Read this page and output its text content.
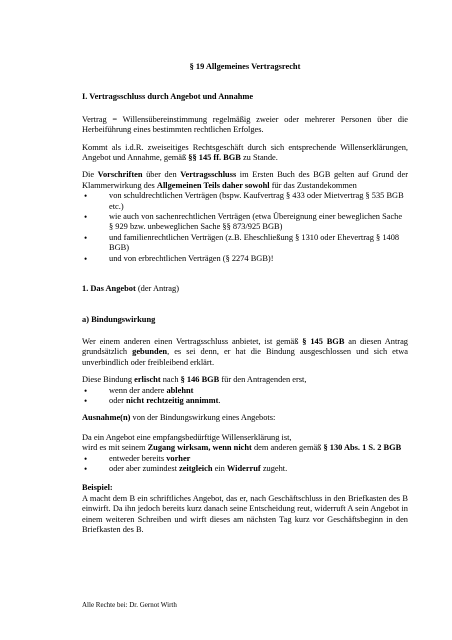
§ 19 Allgemeines Vertragsrecht

I. Vertragsschluss durch Angebot und Annahme

Vertrag = Willensübereinstimmung regelmäßig zweier oder mehrerer Personen über die Herbeiführung eines bestimmten rechtlichen Erfolges.

Kommt als i.d.R. zweiseitiges Rechtsgeschäft durch sich entsprechende Willenserklärungen, Angebot und Annahme, gemäß §§ 145 ff. BGB zu Stande.

Die Vorschriften über den Vertragsschluss im Ersten Buch des BGB gelten auf Grund der Klammerwirkung des Allgemeinen Teils daher sowohl für das Zustandekommen

• von schuldrechtlichen Verträgen (bspw. Kaufvertrag § 433 oder Mietvertrag § 535 BGB etc.)
• wie auch von sachenrechtlichen Verträgen (etwa Übereignung einer beweglichen Sache § 929 bzw. unbeweglichen Sache §§ 873/925 BGB)
• und familienrechtlichen Verträgen (z.B. Eheschließung § 1310 oder Ehevertrag § 1408 BGB)
• und von erbrechtlichen Verträgen (§ 2274 BGB)!

1. Das Angebot (der Antrag)

a) Bindungswirkung

Wer einem anderen einen Vertragsschluss anbietet, ist gemäß § 145 BGB an diesen Antrag grundsätzlich gebunden, es sei denn, er hat die Bindung ausgeschlossen und sich etwa unverbindlich oder freibleibend erklärt.

Diese Bindung erlischt nach § 146 BGB für den Antragenden erst,

• wenn der andere ablehnt
• oder nicht rechtzeitig annimmt.

Ausnahme(n) von der Bindungswirkung eines Angebots:

Da ein Angebot eine empfangsbedürftige Willenserklärung ist,

wird es mit seinem Zugang wirksam, wenn nicht dem anderen gemäß § 130 Abs. 1 S. 2 BGB

• entweder bereits vorher
• oder aber zumindest zeitgleich ein Widerruf zugeht.

Beispiel:

A macht dem B ein schriftliches Angebot, das er, nach Geschäftschluss in den Briefkasten des B einwirft. Da ihn jedoch bereits kurz danach seine Entscheidung reut, widerruft A sein Angebot in einem weiteren Schreiben und wirft dieses am nächsten Tag kurz vor Geschäftsbeginn in den Briefkasten des B.

Alle Rechte bei: Dr. Gernot Wirth
